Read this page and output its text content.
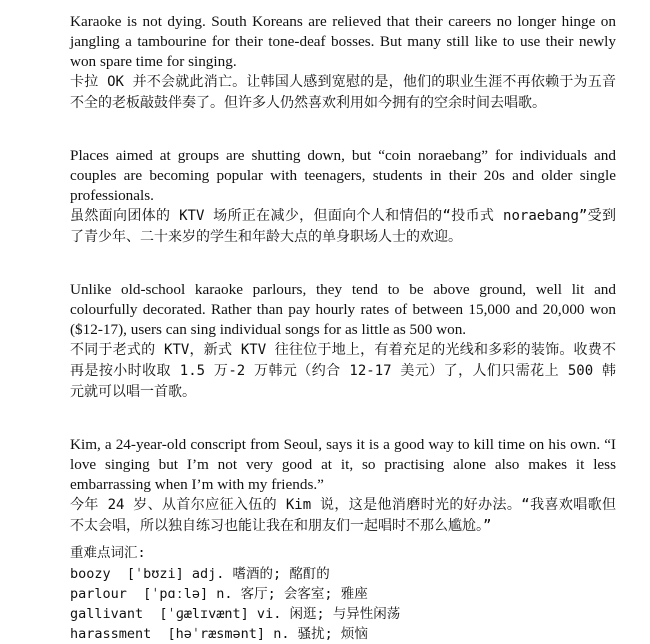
Karaoke is not dying. South Koreans are relieved that their careers no longer hinge on jangling a tambourine for their tone-deaf bosses. But many still like to use their newly won spare time for singing.

卡拉 OK 并不会就此消亡。让韩国人感到宽慰的是，他们的职业生涯不再依赖于为五音不全的老板敲鼓伴奏了。但许多人仍然喜欢利用如今拥有的空余时间去唱歌。

Places aimed at groups are shutting down, but “coin noraebang” for individuals and couples are becoming popular with teenagers, students in their 20s and older single professionals.

虽然面向团体的 KTV 场所正在减少，但面向个人和情侣的“投币式 noraebang”受到了青少年、二十来岁的学生和年龄大点的单身职场人士的欢迎。

Unlike old-school karaoke parlours, they tend to be above ground, well lit and colourfully decorated. Rather than pay hourly rates of between 15,000 and 20,000 won ($12-17), users can sing individual songs for as little as 500 won.

不同于老式的 KTV，新式 KTV 往往位于地上，有着充足的光线和多彩的装饰。收费不再是按小时收取 1.5 万-2 万韩元（约合 12-17 美元）了，人们只需花上 500 韩元就可以唱一首歌。

Kim, a 24-year-old conscript from Seoul, says it is a good way to kill time on his own. “I love singing but I’m not very good at it, so practising alone also makes it less embarrassing when I’m with my friends.”

今年 24 岁、从首尔应征入伍的 Kim 说，这是他消磨时光的好办法。“我喜欢唱歌但不太会唱，所以独自练习也能让我在和朋友们一起唱时不那么尴尬。”

重难点词汇:

boozy  [ˈbʊzi] adj. 嗜酒的; 酩酊的

parlour  [ˈpɑːlə] n. 客厅; 会客室; 雅座

gallivant  [ˈɡælɪvænt] vi. 闲逛; 与异性闲荡

harassment  [həˈræsmənt] n. 骚扰; 烦恼
